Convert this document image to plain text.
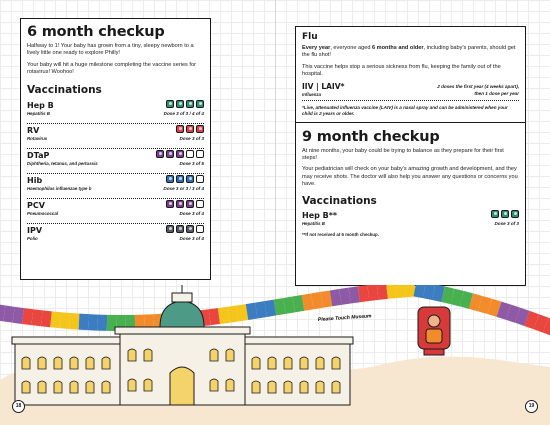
6 month checkup

Halfway to 1! Your baby has grown from a tiny, sleepy newborn to a lively little one ready to explore Philly!

Your baby will hit a huge milestone completing the vaccine series for rotavirus! Woohoo!

Vaccinations
Hep B
Hepatitis B	Dose 3 of 3 / 4 of 4
RV
Rotavirus	Dose 3 of 3
DTaP
Diphtheria, tetanus, and pertussis	Dose 3 of 5
Hib
Haemophilus influenzae type b	Dose 3 or 3 / 3 of 4
PCV
Pneumococcal	Dose 3 of 4
IPV
Polio	Dose 3 of 4
18	19
Flu

Every year, everyone aged 6 months and older, including baby's parents, should get the flu shot!

This vaccine helps stop a serious sickness from flu, keeping the family out of the hospital.

IIV | LAIV*
Influenza
2 doses the first year (4 weeks apart),
then 1 dose per year

*Live, attenuated influenza vaccine (LAIV) is a nasal spray and can be administered when your child is 2 years or older.

9 month checkup

At nine months, your baby could be trying to balance as they prepare for their first steps!

Your pediatrician will check on your baby's amazing growth and development, and they may receive shots. The doctor will also help you answer any questions or concerns you have.

Vaccinations
Hep B**
Hepatitis B	Dose 3 of 3

**If not received at 6 month checkup.

Please Touch Museum
